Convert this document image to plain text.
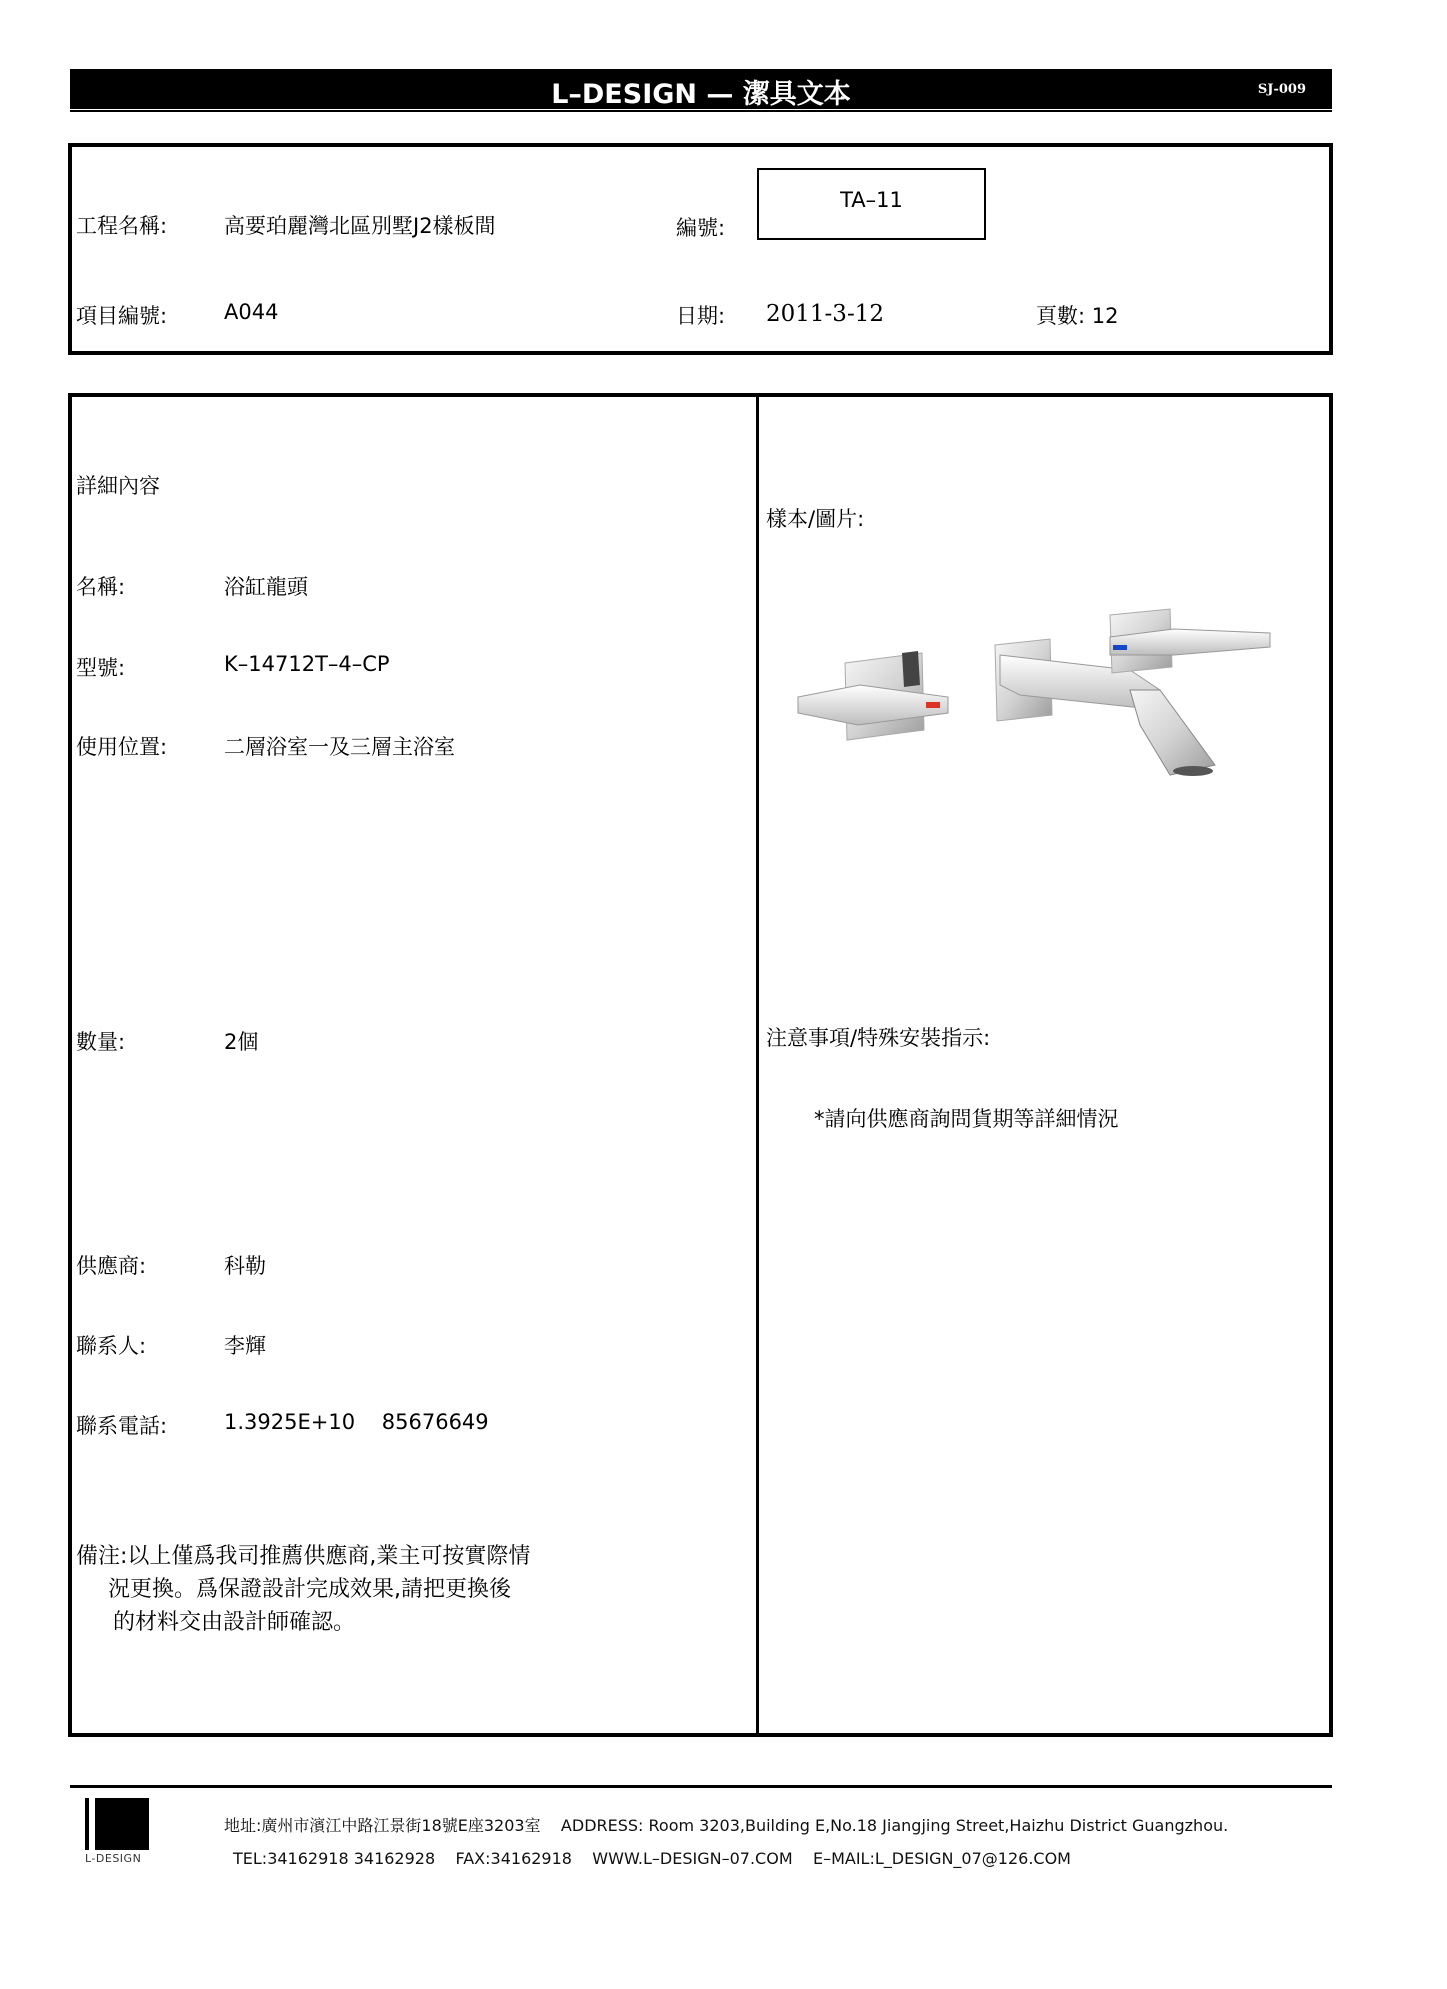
L–DESIGN — 潔具文本	SJ-009
工程名稱:	高要珀麗灣北區別墅J2樣板間	編號:
TA–11
項目編號:	A044	日期: 2011-3-12	頁數: 12
詳細內容
名稱:	浴缸龍頭
型號:	K–14712T–4–CP
使用位置:	二層浴室一及三層主浴室
數量:	2個
供應商:	科勒
聯系人:	李輝
聯系電話:	1.3925E+10    85676649
備注:以上僅爲我司推薦供應商,業主可按實際情
況更換。爲保證設計完成效果,請把更換後
的材料交由設計師確認。
樣本/圖片:
注意事項/特殊安裝指示:
*請向供應商詢問貨期等詳細情況
L-DESIGN
地址:廣州市濱江中路江景街18號E座3203室    ADDRESS: Room 3203,Building E,No.18 Jiangjing Street,Haizhu District Guangzhou.
TEL:34162918 34162928    FAX:34162918    WWW.L–DESIGN–07.COM    E–MAIL:L_DESIGN_07@126.COM
